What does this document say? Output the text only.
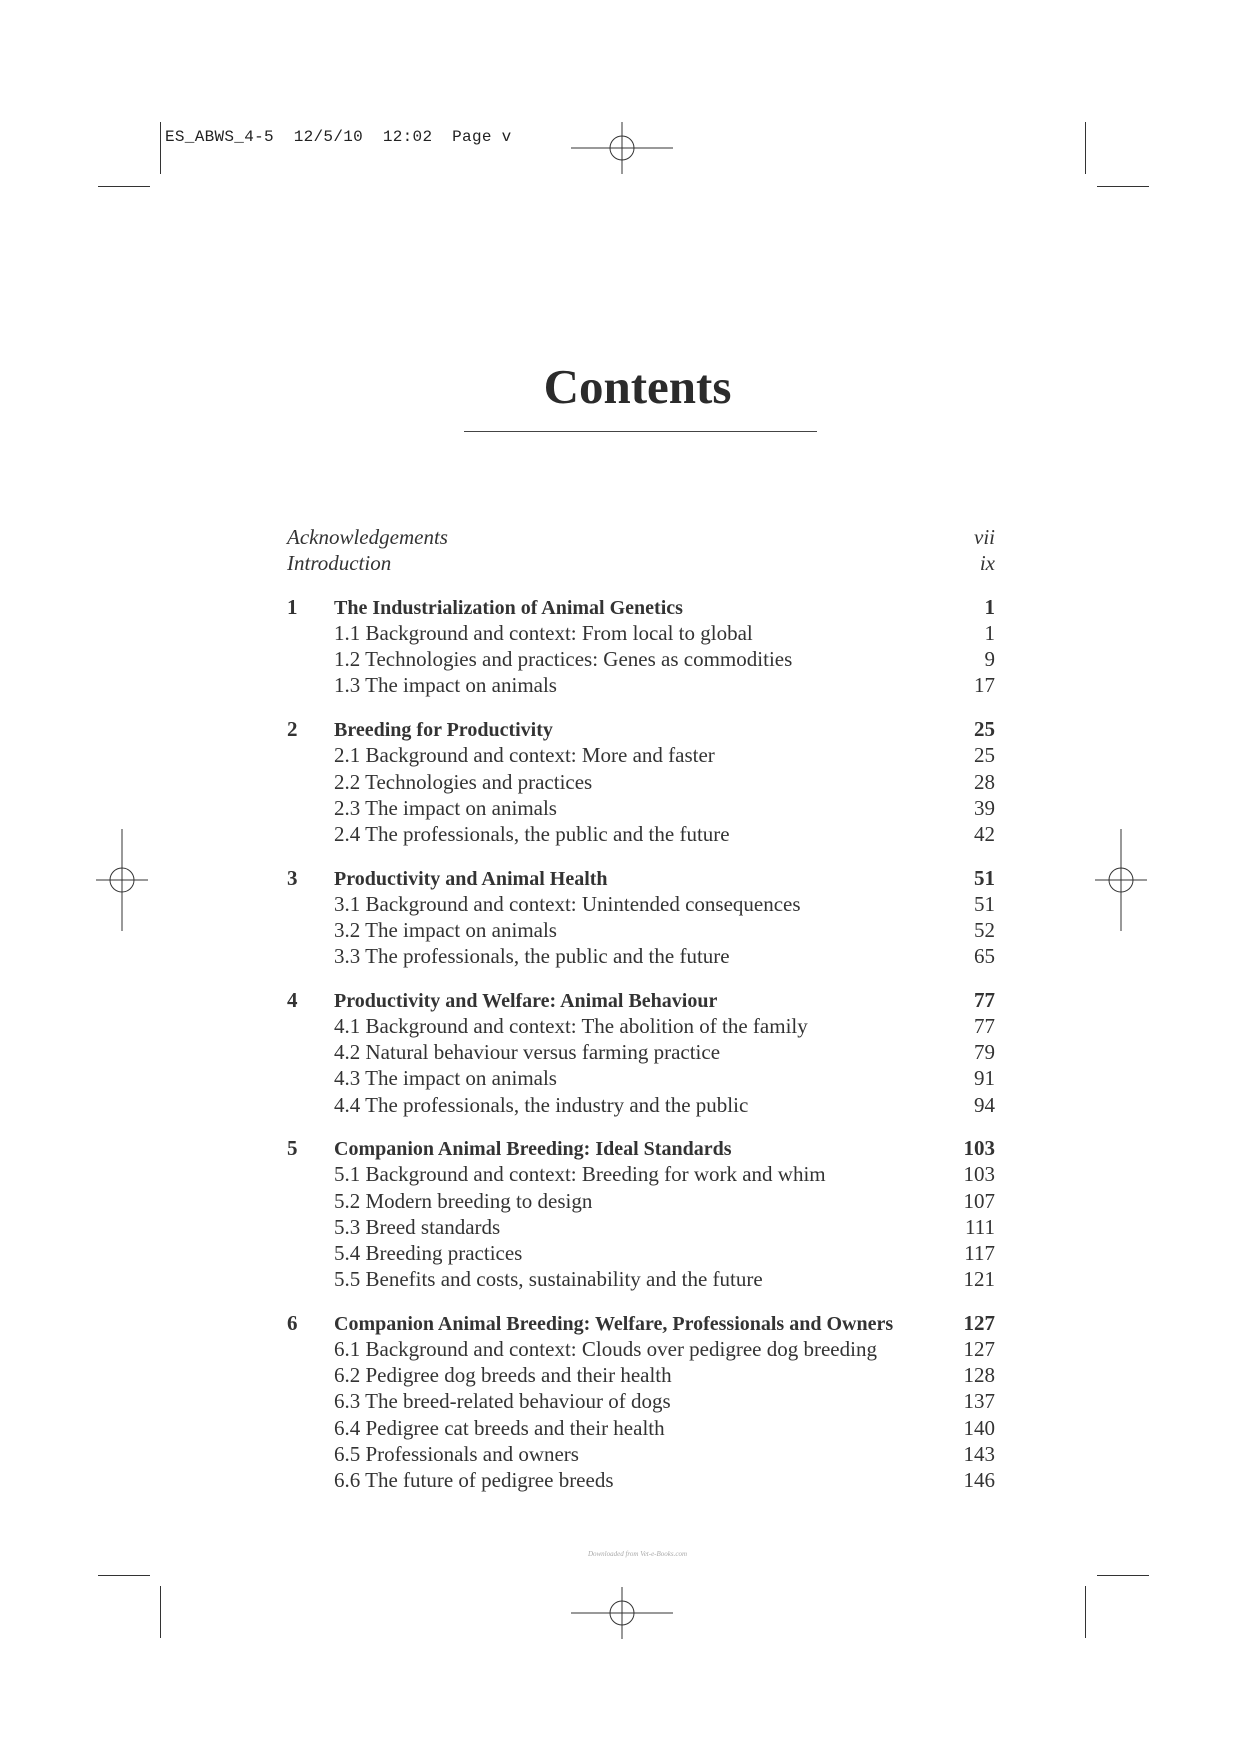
ES_ABWS_4-5  12/5/10  12:02  Page v
Contents
Acknowledgements	vii
Introduction	ix
1	The Industrialization of Animal Genetics	1
1.1 Background and context: From local to global	1
1.2 Technologies and practices: Genes as commodities	9
1.3 The impact on animals	17
2	Breeding for Productivity	25
2.1 Background and context: More and faster	25
2.2 Technologies and practices	28
2.3 The impact on animals	39
2.4 The professionals, the public and the future	42
3	Productivity and Animal Health	51
3.1 Background and context: Unintended consequences	51
3.2 The impact on animals	52
3.3 The professionals, the public and the future	65
4	Productivity and Welfare: Animal Behaviour	77
4.1 Background and context: The abolition of the family	77
4.2 Natural behaviour versus farming practice	79
4.3 The impact on animals	91
4.4 The professionals, the industry and the public	94
5	Companion Animal Breeding: Ideal Standards	103
5.1 Background and context: Breeding for work and whim	103
5.2 Modern breeding to design	107
5.3 Breed standards	111
5.4 Breeding practices	117
5.5 Benefits and costs, sustainability and the future	121
6	Companion Animal Breeding: Welfare, Professionals and Owners	127
6.1 Background and context: Clouds over pedigree dog breeding	127
6.2 Pedigree dog breeds and their health	128
6.3 The breed-related behaviour of dogs	137
6.4 Pedigree cat breeds and their health	140
6.5 Professionals and owners	143
6.6 The future of pedigree breeds	146
Downloaded from Vet-e-Books.com
